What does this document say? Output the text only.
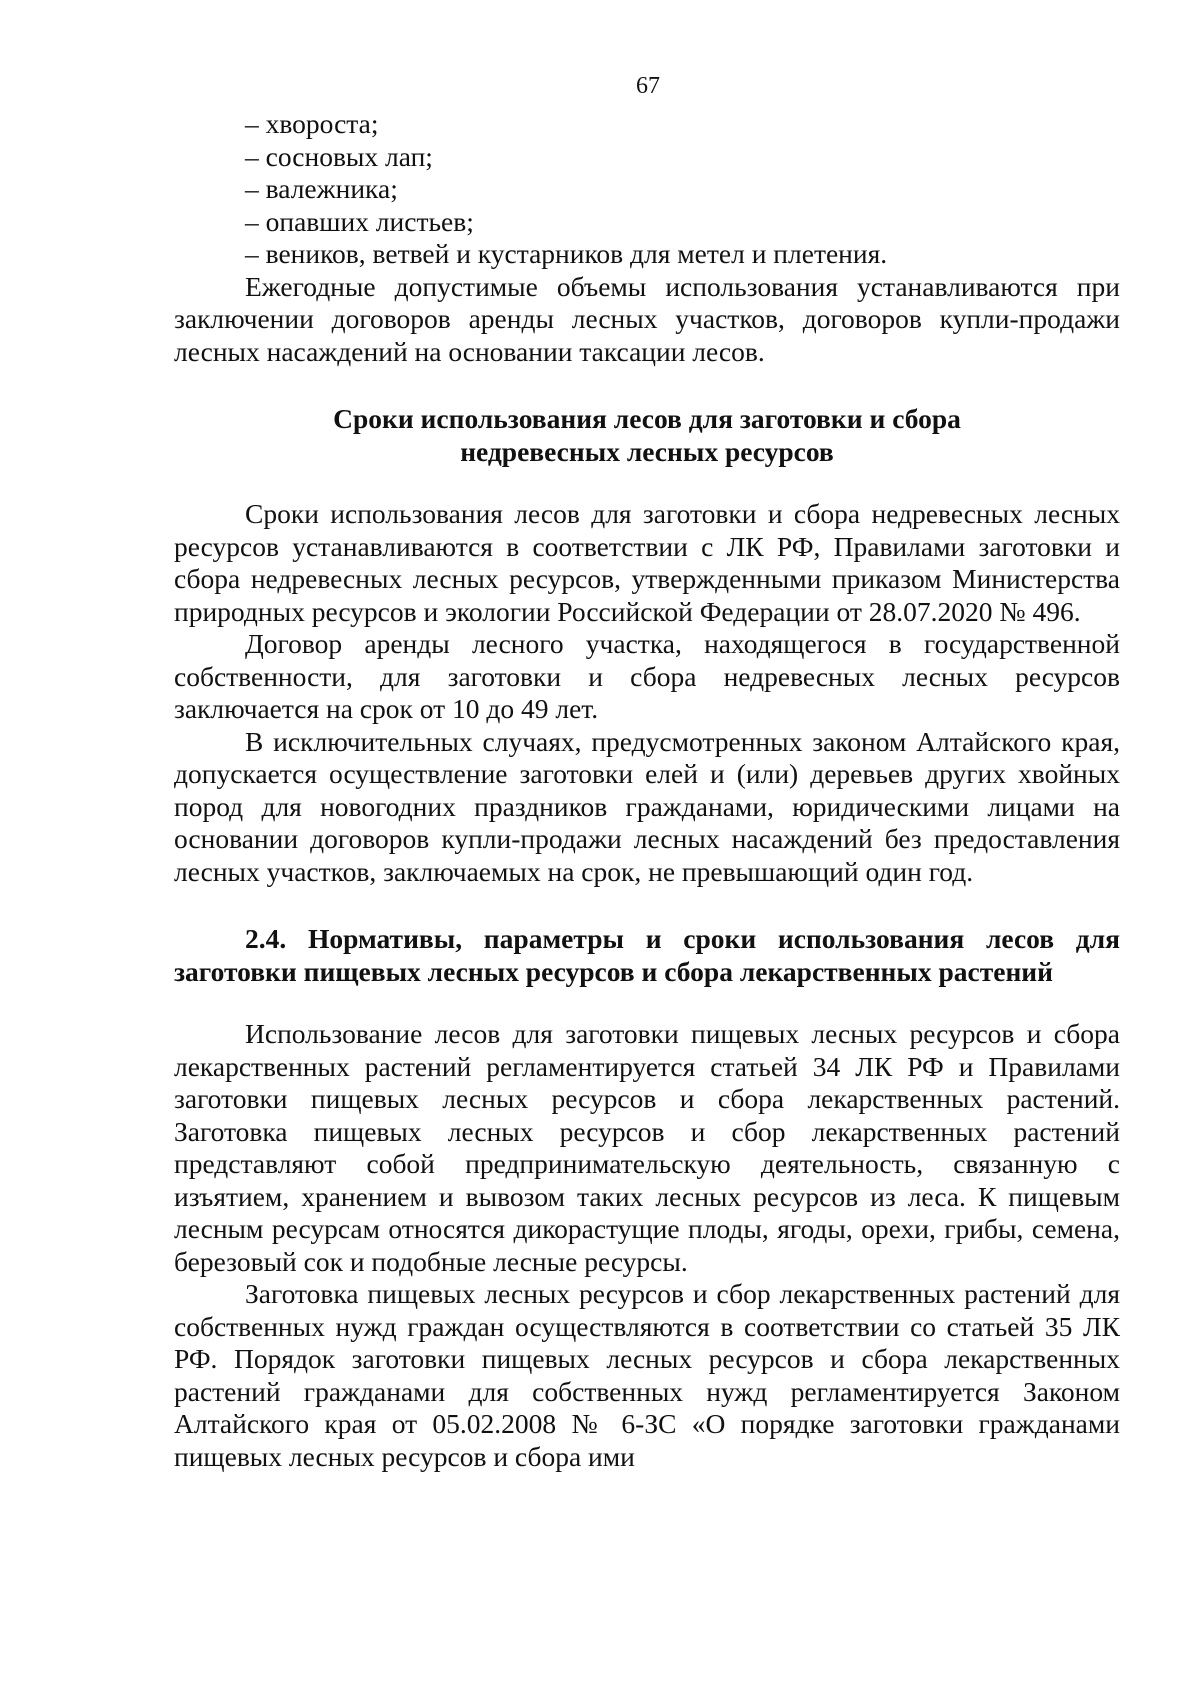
67

– хвороста;

– сосновых лап;

– валежника;

– опавших листьев;

– веников, ветвей и кустарников для метел и плетения.

Ежегодные допустимые объемы использования устанавливаются при заключении договоров аренды лесных участков, договоров купли-продажи лесных насаждений на основании таксации лесов.

Сроки использования лесов для заготовки и сбора
недревесных лесных ресурсов

Сроки использования лесов для заготовки и сбора недревесных лесных ресурсов устанавливаются в соответствии с ЛК РФ, Правилами заготовки и сбора недревесных лесных ресурсов, утвержденными приказом Министерства природных ресурсов и экологии Российской Федерации от 28.07.2020 № 496.

Договор аренды лесного участка, находящегося в государственной собственности, для заготовки и сбора недревесных лесных ресурсов заключается на срок от 10 до 49 лет.

В исключительных случаях, предусмотренных законом Алтайского края, допускается осуществление заготовки елей и (или) деревьев других хвойных пород для новогодних праздников гражданами, юридическими лицами на основании договоров купли-продажи лесных насаждений без предоставления лесных участков, заключаемых на срок, не превышающий один год.

2.4. Нормативы, параметры и сроки использования лесов для заготовки пищевых лесных ресурсов и сбора лекарственных растений

Использование лесов для заготовки пищевых лесных ресурсов и сбора лекарственных растений регламентируется статьей 34 ЛК РФ и Правилами заготовки пищевых лесных ресурсов и сбора лекарственных растений. Заготовка пищевых лесных ресурсов и сбор лекарственных растений представляют собой предпринимательскую деятельность, связанную с изъятием, хранением и вывозом таких лесных ресурсов из леса. К пищевым лесным ресурсам относятся дикорастущие плоды, ягоды, орехи, грибы, семена, березовый сок и подобные лесные ресурсы.

Заготовка пищевых лесных ресурсов и сбор лекарственных растений для собственных нужд граждан осуществляются в соответствии со статьей 35 ЛК РФ. Порядок заготовки пищевых лесных ресурсов и сбора лекарственных растений гражданами для собственных нужд регламентируется Законом Алтайского края от 05.02.2008 № 6-ЗС «О порядке заготовки гражданами пищевых лесных ресурсов и сбора ими
